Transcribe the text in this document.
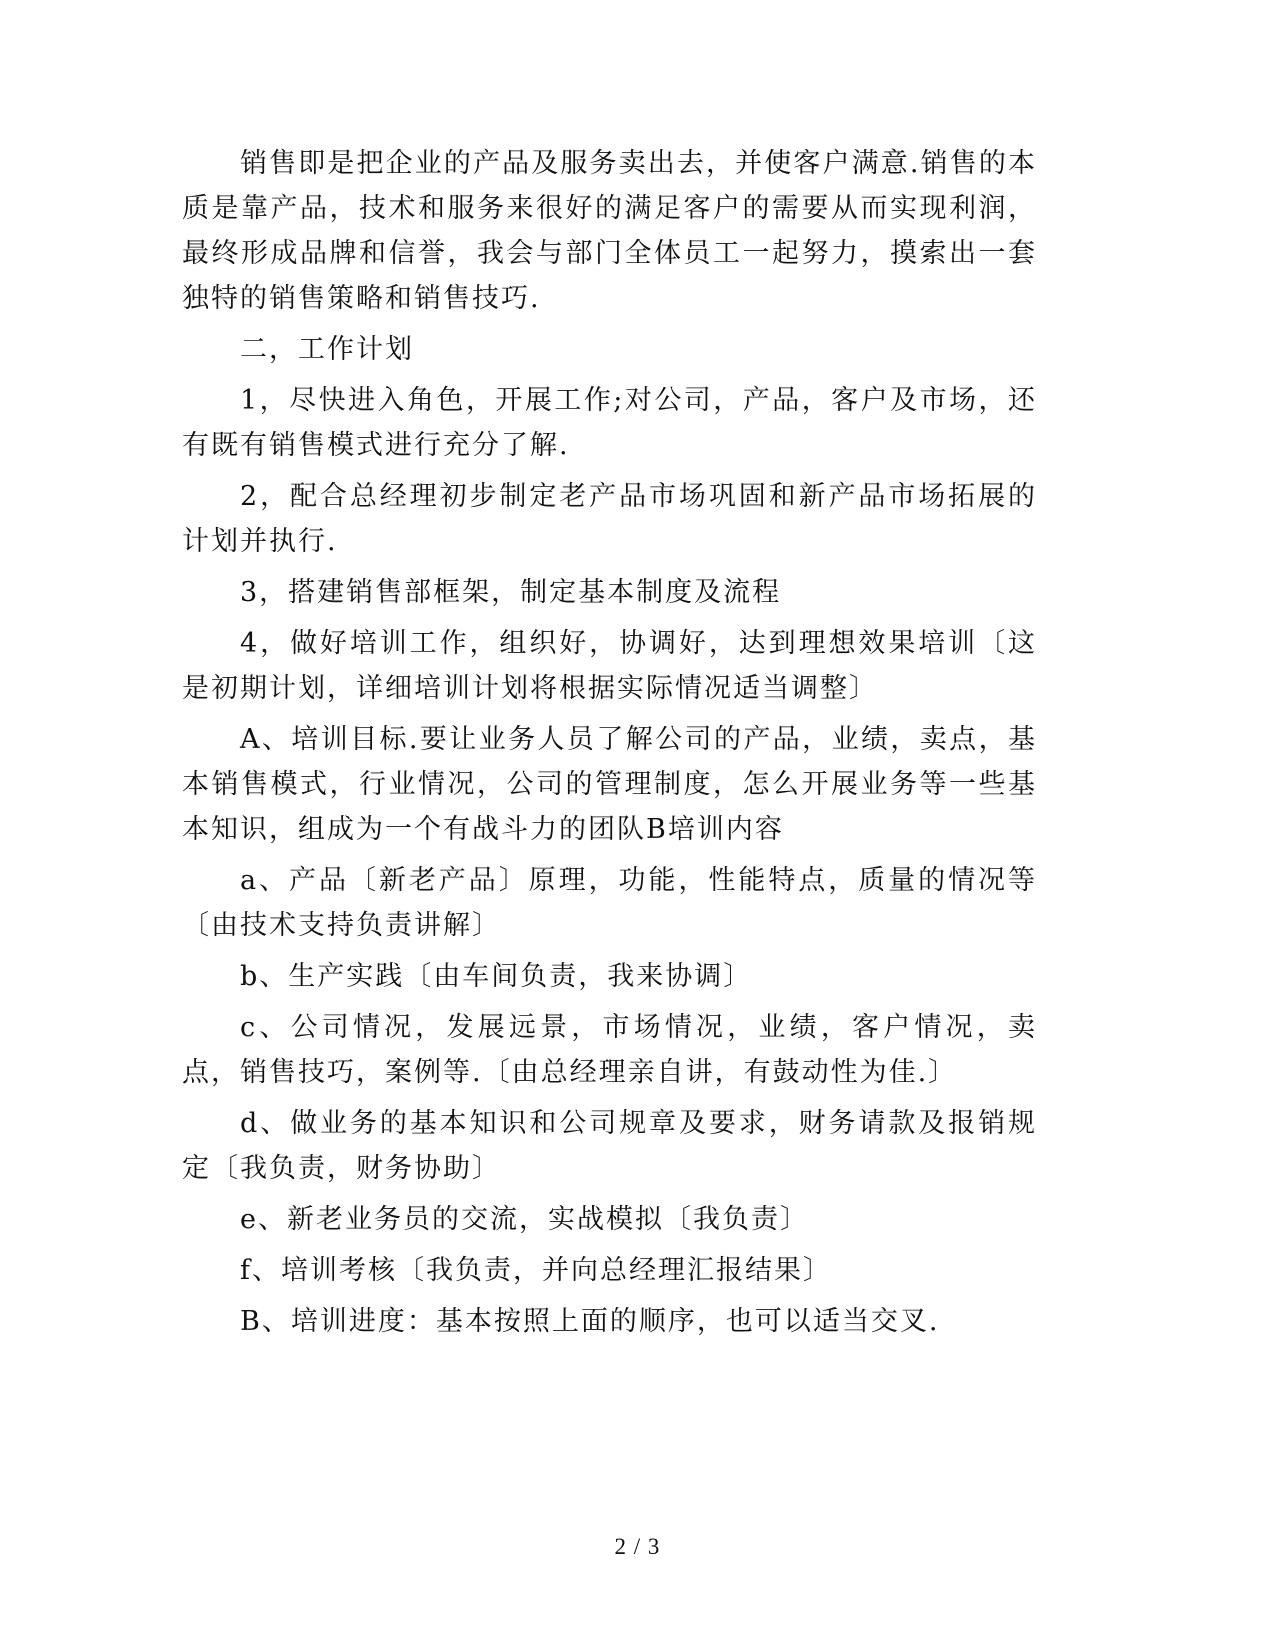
销售即是把企业的产品及服务卖出去，并使客户满意.销售的本质是靠产品，技术和服务来很好的满足客户的需要从而实现利润，最终形成品牌和信誉，我会与部门全体员工一起努力，摸索出一套独特的销售策略和销售技巧.

二，工作计划

1，尽快进入角色，开展工作;对公司，产品，客户及市场，还有既有销售模式进行充分了解.

2，配合总经理初步制定老产品市场巩固和新产品市场拓展的计划并执行.

3，搭建销售部框架，制定基本制度及流程

4，做好培训工作，组织好，协调好，达到理想效果培训〔这是初期计划，详细培训计划将根据实际情况适当调整〕

A、培训目标.要让业务人员了解公司的产品，业绩，卖点，基本销售模式，行业情况，公司的管理制度，怎么开展业务等一些基本知识，组成为一个有战斗力的团队B培训内容

a、产品〔新老产品〕原理，功能，性能特点，质量的情况等〔由技术支持负责讲解〕

b、生产实践〔由车间负责，我来协调〕

c、公司情况，发展远景，市场情况，业绩，客户情况，卖点，销售技巧，案例等.〔由总经理亲自讲，有鼓动性为佳.〕

d、做业务的基本知识和公司规章及要求，财务请款及报销规定〔我负责，财务协助〕

e、新老业务员的交流，实战模拟〔我负责〕

f、培训考核〔我负责，并向总经理汇报结果〕

B、培训进度：基本按照上面的顺序，也可以适当交叉.

2 / 3
